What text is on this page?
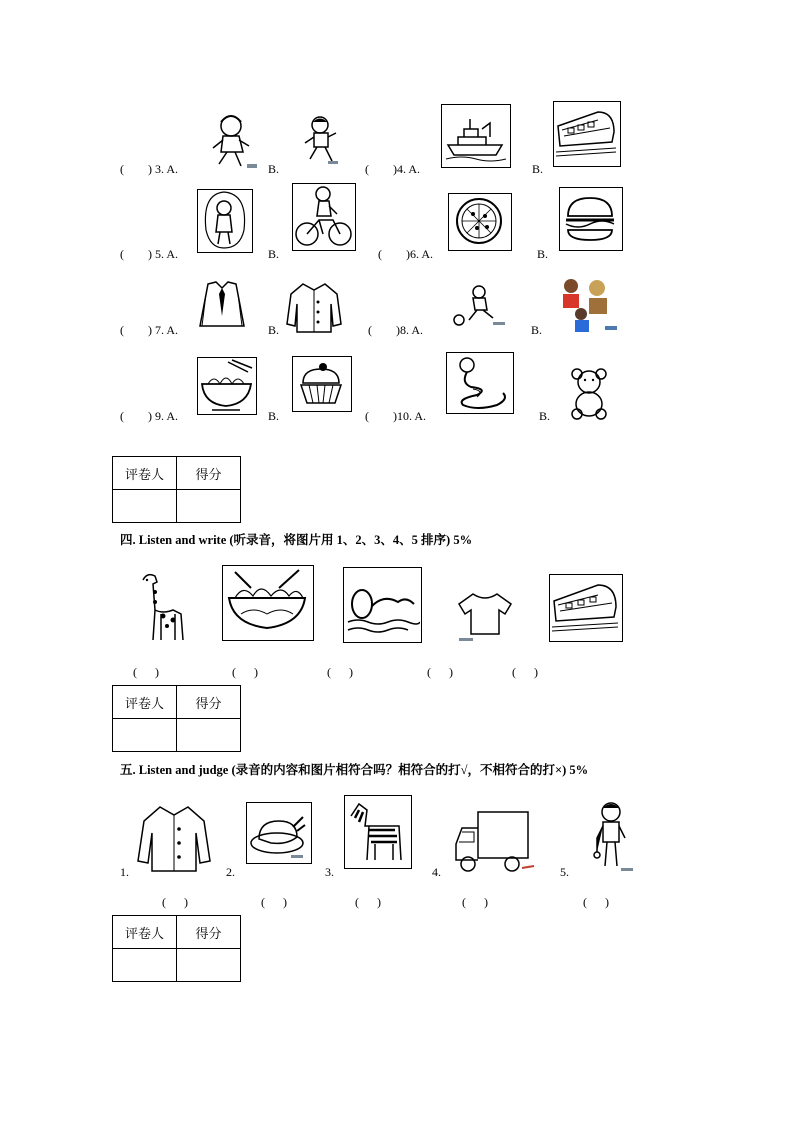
(        ) 3. A.	B.	(        )4. A.	B.
(        ) 5. A.	B.	(        )6. A.	B.
(        ) 7. A.	B.	(        )8. A.	B.
(        ) 9. A.	B.	(        )10. A.	B.
评卷人	得分

四. Listen and write (听录音，将图片用 1、2、3、4、5 排序) 5%
(      )	(      )	(      )	(      )	(      )
评卷人	得分

五. Listen and judge (录音的内容和图片相符合吗？相符合的打√，不相符合的打×) 5%
1.	2.	3.	4.	5.
(      )	(      )	(      )	(      )	(      )
评卷人	得分
